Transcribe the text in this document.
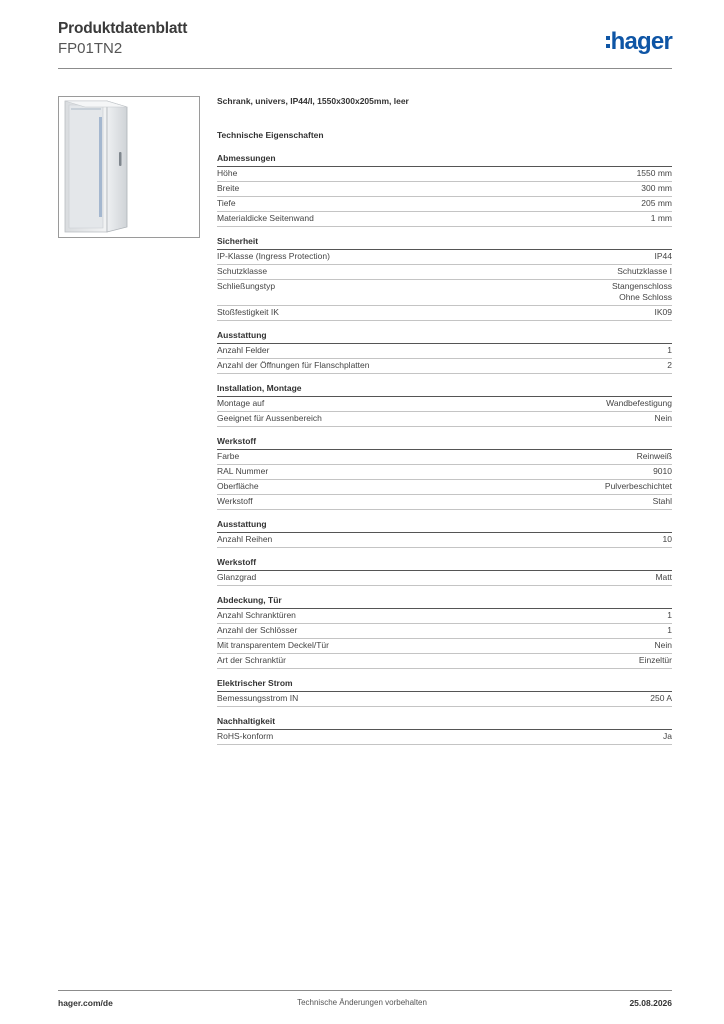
Produktdatenblatt
FP01TN2	hager
Schrank, univers, IP44/I, 1550x300x205mm, leer
Technische Eigenschaften
Abmessungen
Höhe	1550 mm
Breite	300 mm
Tiefe	205 mm
Materialdicke Seitenwand	1 mm
Sicherheit
IP-Klasse (Ingress Protection)	IP44
Schutzklasse	Schutzklasse I
Schließungstyp	Stangenschloss
Ohne Schloss
Stoßfestigkeit IK	IK09
Ausstattung
Anzahl Felder	1
Anzahl der Öffnungen für Flanschplatten	2
Installation, Montage
Montage auf	Wandbefestigung
Geeignet für Aussenbereich	Nein
Werkstoff
Farbe	Reinweiß
RAL Nummer	9010
Oberfläche	Pulverbeschichtet
Werkstoff	Stahl
Ausstattung
Anzahl Reihen	10
Werkstoff
Glanzgrad	Matt
Abdeckung, Tür
Anzahl Schranktüren	1
Anzahl der Schlösser	1
Mit transparentem Deckel/Tür	Nein
Art der Schranktür	Einzeltür
Elektrischer Strom
Bemessungsstrom IN	250 A
Nachhaltigkeit
RoHS-konform	Ja
hager.com/de	Technische Änderungen vorbehalten	25.08.2026
